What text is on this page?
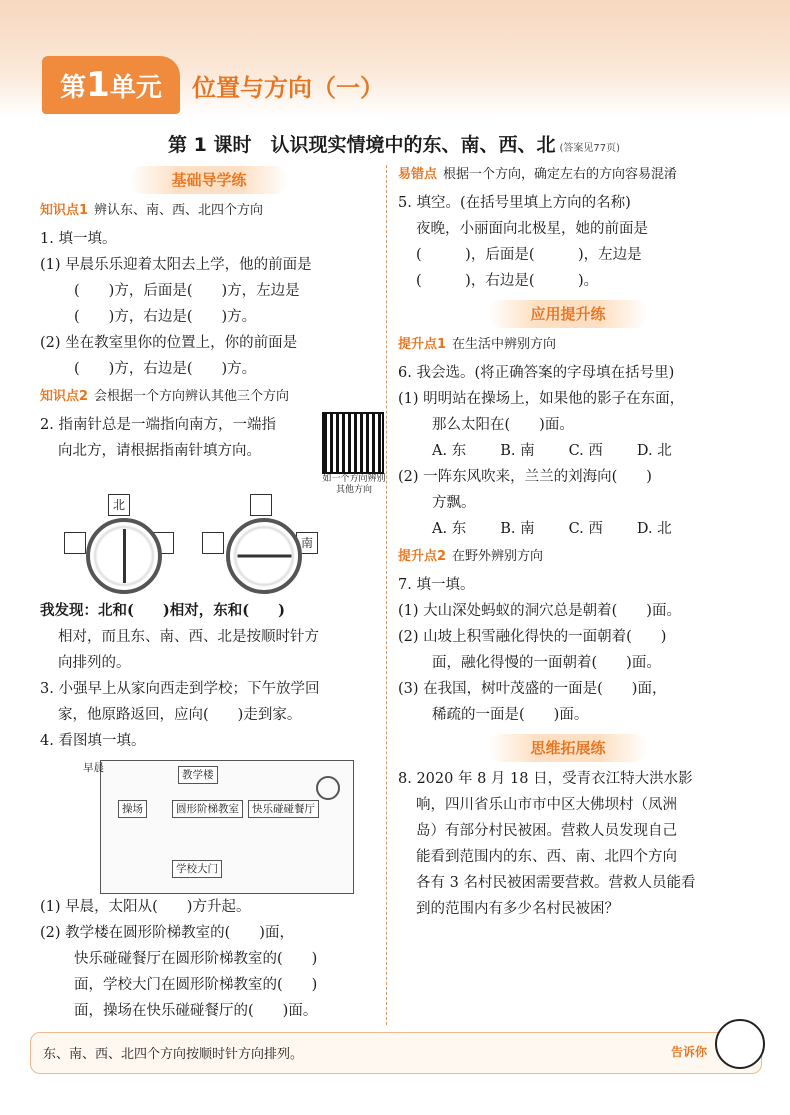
第1单元	位置与方向（一）
第 1 课时　认识现实情境中的东、南、西、北 (答案见77页)
基础导学练

知识点1 辨认东、南、西、北四个方向

1. 填一填。

(1) 早晨乐乐迎着太阳去上学，他的前面是

(　　)方，后面是(　　)方，左边是

(　　)方，右边是(　　)方。

(2) 坐在教室里你的位置上，你的前面是

(　　)方，右边是(　　)方。

知识点2 会根据一个方向辨认其他三个方向

2. 指南针总是一端指向南方，一端指

向北方，请根据指南针填方向。

如一个方向辨别其他方向
北
南

我发现：北和(　　)相对，东和(　　)

相对，而且东、南、西、北是按顺时针方

向排列的。

3. 小强早上从家向西走到学校；下午放学回

家，他原路返回，应向(　　)走到家。

4. 看图填一填。

早晨
教学楼
操场	圆形阶梯教室	快乐碰碰餐厅
学校大门

(1) 早晨，太阳从(　　)方升起。

(2) 教学楼在圆形阶梯教室的(　　)面，

快乐碰碰餐厅在圆形阶梯教室的(　　)

面，学校大门在圆形阶梯教室的(　　)

面，操场在快乐碰碰餐厅的(　　)面。

易错点 根据一个方向，确定左右的方向容易混淆

5. 填空。(在括号里填上方向的名称)

夜晚，小丽面向北极星，她的前面是

(　　　)，后面是(　　　)，左边是

(　　　)，右边是(　　　)。

应用提升练

提升点1 在生活中辨别方向

6. 我会选。(将正确答案的字母填在括号里)

(1) 明明站在操场上，如果他的影子在东面，

那么太阳在(　　)面。

A. 东 B. 南 C. 西 D. 北

(2) 一阵东风吹来，兰兰的刘海向(　　)

方飘。

A. 东 B. 南 C. 西 D. 北

提升点2 在野外辨别方向

7. 填一填。

(1) 大山深处蚂蚁的洞穴总是朝着(　　)面。

(2) 山坡上积雪融化得快的一面朝着(　　)

面，融化得慢的一面朝着(　　)面。

(3) 在我国，树叶茂盛的一面是(　　)面，

稀疏的一面是(　　)面。

思维拓展练

8. 2020 年 8 月 18 日，受青衣江特大洪水影

响，四川省乐山市市中区大佛坝村（凤洲

岛）有部分村民被困。营救人员发现自己

能看到范围内的东、西、南、北四个方向

各有 3 名村民被困需要营救。营救人员能看

到的范围内有多少名村民被困？

东、南、西、北四个方向按顺时针方向排列。	告诉你
